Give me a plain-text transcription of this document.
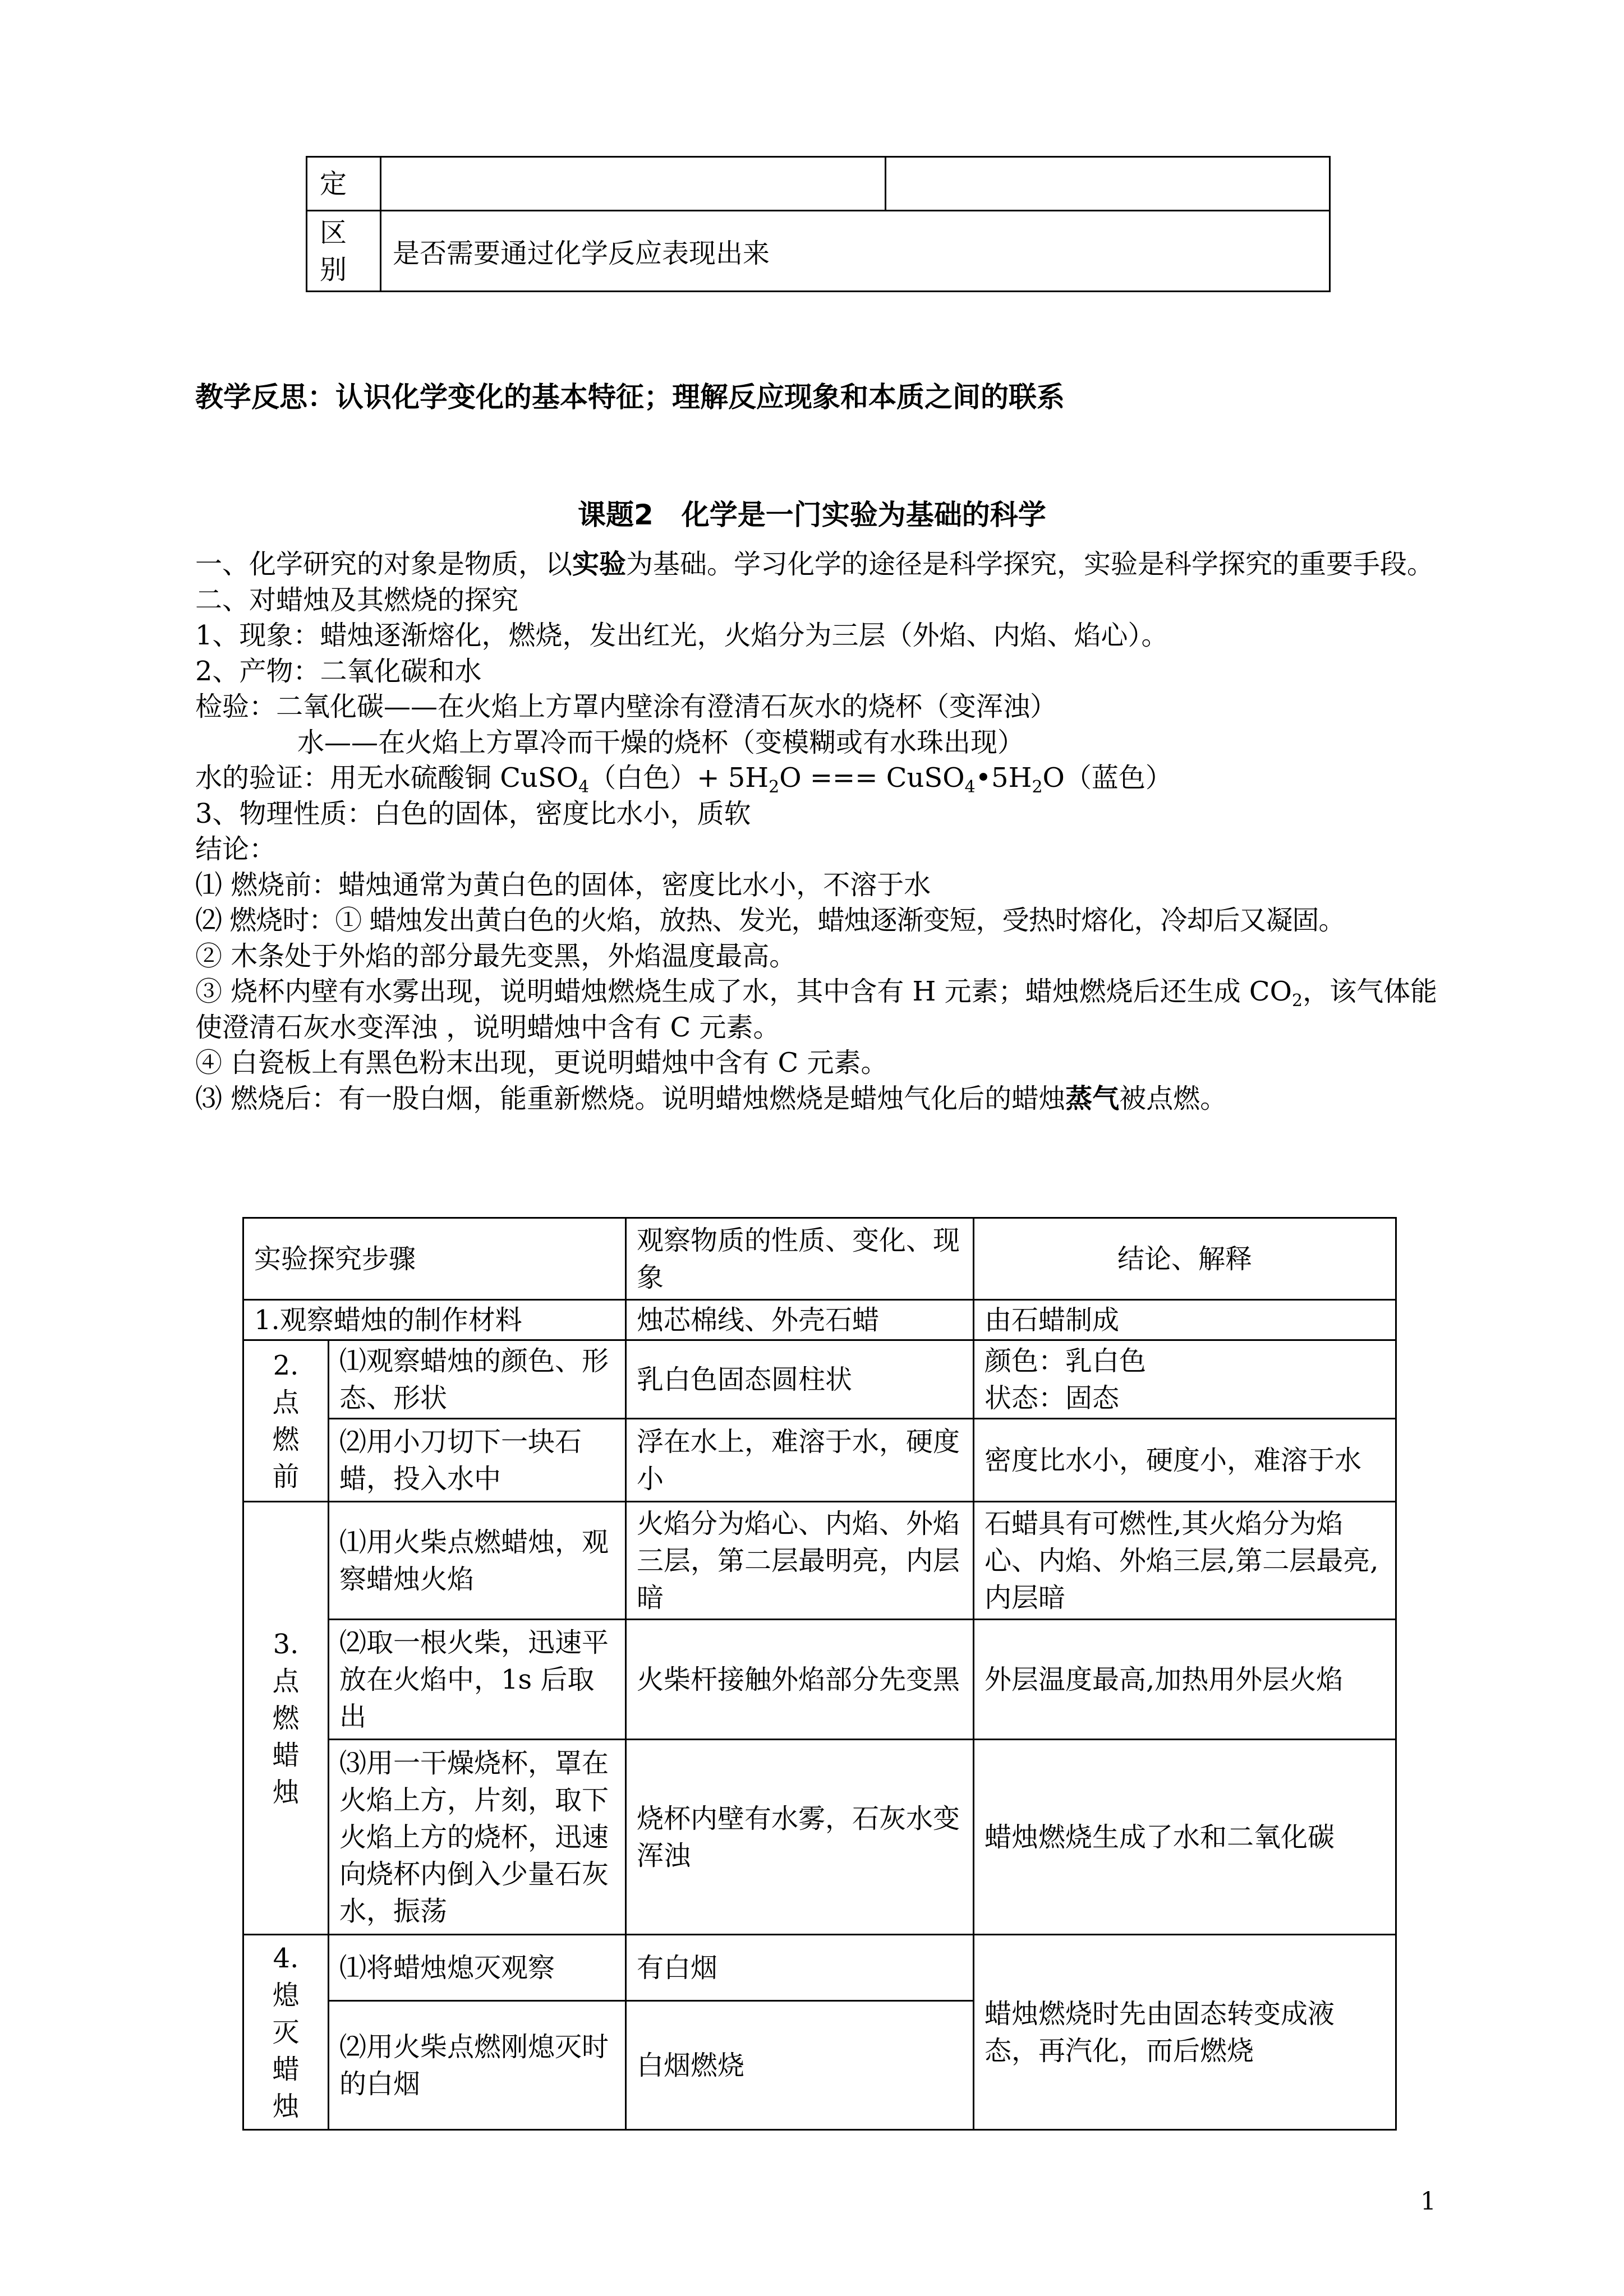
定		

区别	是否需要通过化学反应表现出来	
教学反思：认识化学变化的基本特征；理解反应现象和本质之间的联系
课题2　化学是一门实验为基础的科学

一、化学研究的对象是物质，以实验为基础。学习化学的途径是科学探究，实验是科学探究的重要手段。

二、对蜡烛及其燃烧的探究

1、现象：蜡烛逐渐熔化，燃烧，发出红光，火焰分为三层（外焰、内焰、焰心）。

2、产物：二氧化碳和水

检验：二氧化碳——在火焰上方罩内壁涂有澄清石灰水的烧杯（变浑浊）

水——在火焰上方罩冷而干燥的烧杯（变模糊或有水珠出现）

水的验证：用无水硫酸铜 CuSO$_4$（白色）+ $5H_2O$ === $CuSO_4•5H_2O$（蓝色）

3、物理性质：白色的固体，密度比水小，质软

结论：

⑴ 燃烧前：蜡烛通常为黄白色的固体，密度比水小，不溶于水

⑵ 燃烧时：① 蜡烛发出黄白色的火焰，放热、发光，蜡烛逐渐变短，受热时熔化，冷却后又凝固。

② 木条处于外焰的部分最先变黑，外焰温度最高。

③ 烧杯内壁有水雾出现，说明蜡烛燃烧生成了水，其中含有 H 元素；蜡烛燃烧后还生成 $CO_2$，该气体能使澄清石灰水变浑浊 ，说明蜡烛中含有 C 元素。

④ 白瓷板上有黑色粉末出现，更说明蜡烛中含有 C 元素。

⑶ 燃烧后：有一股白烟，能重新燃烧。说明蜡烛燃烧是蜡烛气化后的蜡烛蒸气被点燃。

实验探究步骤		观察物质的性质、变化、现象	结论、解释
1.观察蜡烛的制作材料		烛芯棉线、外壳石蜡	由石蜡制成
2.点燃前	⑴观察蜡烛的颜色、形态、形状	乳白色固态圆柱状	颜色：乳白色
状态：固态

	⑵用小刀切下一块石蜡，投入水中	浮在水上，难溶于水，硬度小	密度比水小，硬度小，难溶于水
3.点燃蜡烛	⑴用火柴点燃蜡烛，观察蜡烛火焰	火焰分为焰心、内焰、外焰三层，第二层最明亮，内层暗	石蜡具有可燃性,其火焰分为焰心、内焰、外焰三层,第二层最亮,内层暗
	⑵取一根火柴，迅速平放在火焰中，1s 后取出	火柴杆接触外焰部分先变黑	外层温度最高,加热用外层火焰
	⑶用一干燥烧杯，罩在火焰上方，片刻，取下火焰上方的烧杯，迅速向烧杯内倒入少量石灰水，振荡	烧杯内壁有水雾，石灰水变浑浊	蜡烛燃烧生成了水和二氧化碳
4.熄灭蜡烛	⑴将蜡烛熄灭观察	有白烟	蜡烛燃烧时先由固态转变成液态，再汽化，而后燃烧
	⑵用火柴点燃刚熄灭时的白烟	白烟燃烧	
1
